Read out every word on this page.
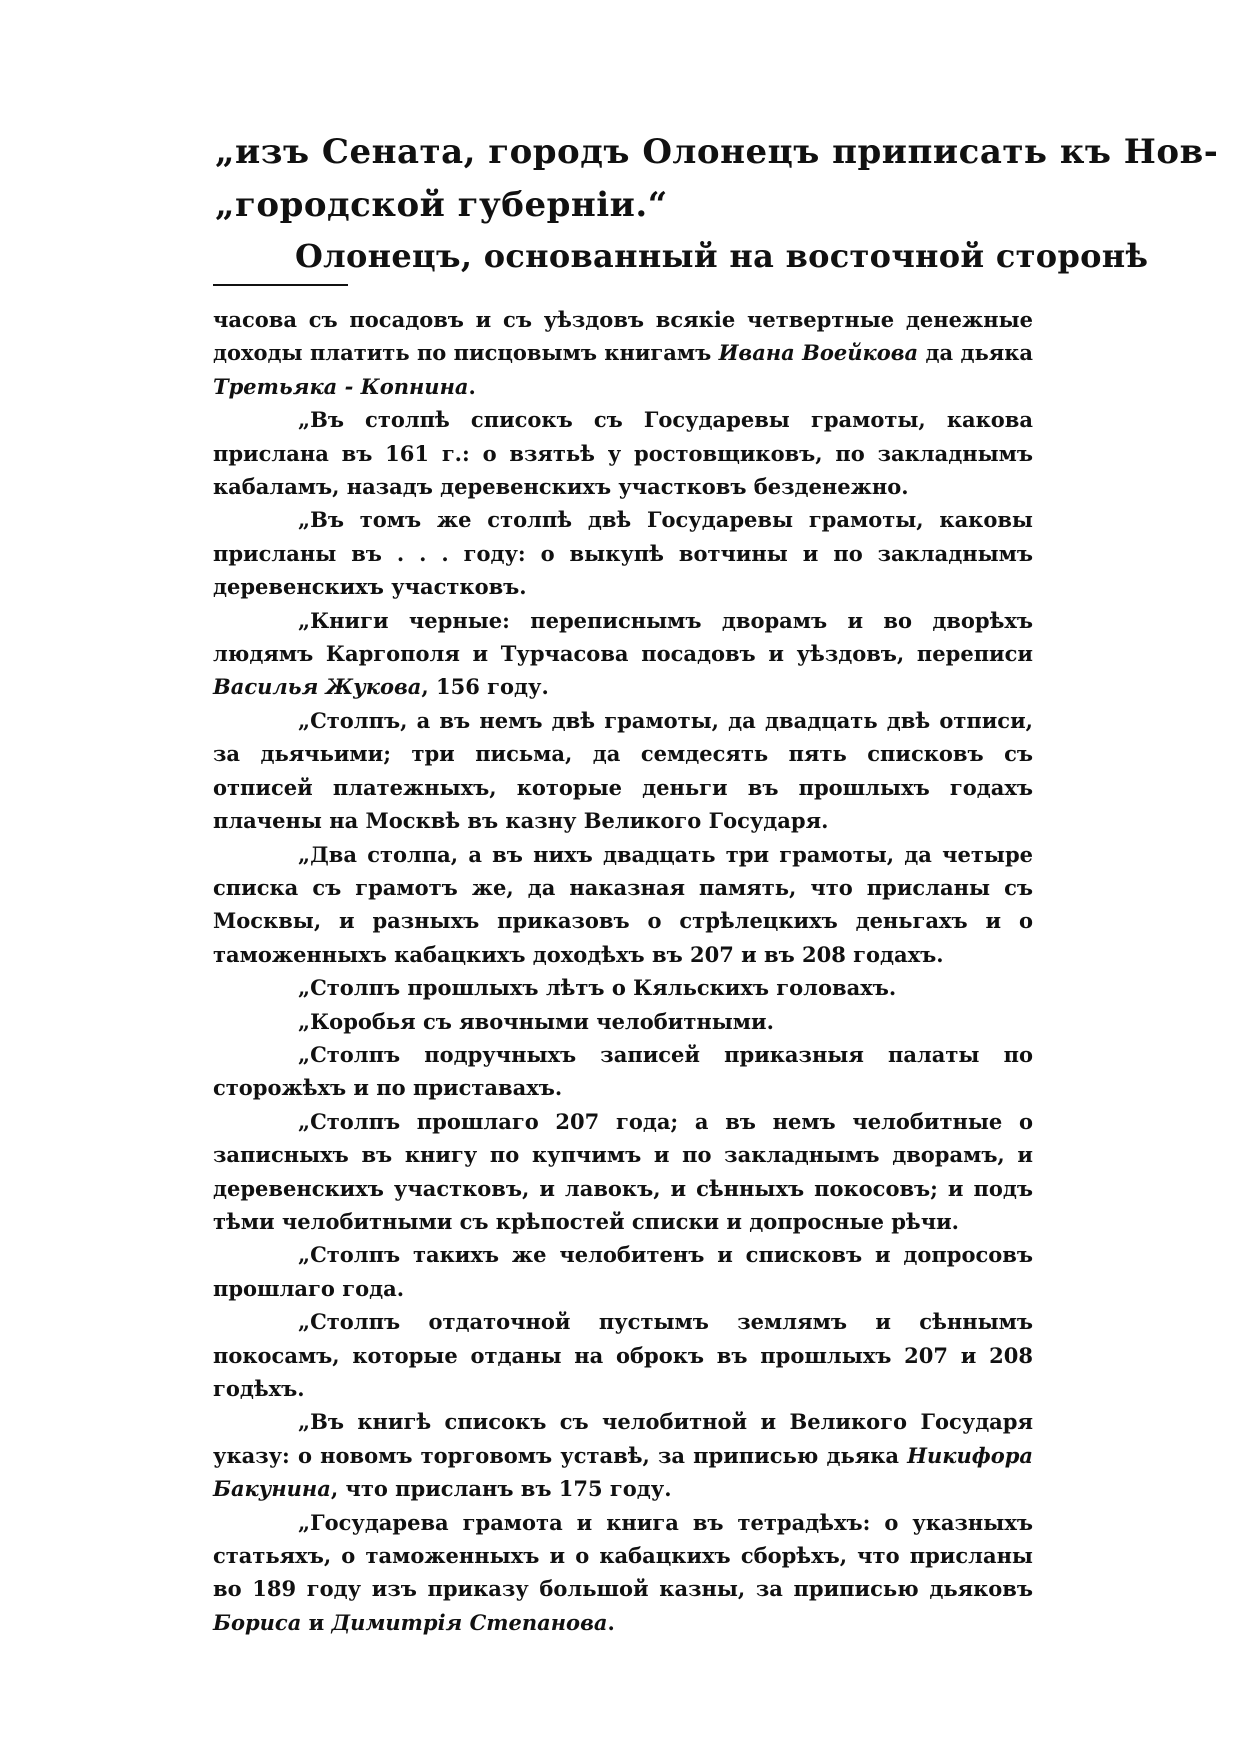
„изъ Сената, городъ Олонецъ приписать къ Нов-
„городской губерніи.“
Олонецъ, основанный на восточной сторонѣ

часова съ посадовъ и съ уѣздовъ всякіе четвертные денежные доходы платить по писцовымъ книгамъ Ивана Воейкова да дьяка Третьяка - Копнина.

„Въ столпѣ списокъ съ Государевы грамоты, какова прислана въ 161 г.: о взятьѣ у ростовщиковъ, по закладнымъ кабаламъ, назадъ деревенскихъ участковъ безденежно.

„Въ томъ же столпѣ двѣ Государевы грамоты, каковы присланы въ . . . году: о выкупѣ вотчины и по закладнымъ деревенскихъ участковъ.

„Книги черные: переписнымъ дворамъ и во дворѣхъ людямъ Каргополя и Турчасова посадовъ и уѣздовъ, переписи Василья Жукова, 156 году.

„Столпъ, а въ немъ двѣ грамоты, да двадцать двѣ отписи, за дьячьими; три письма, да семдесять пять списковъ съ отписей платежныхъ, которые деньги въ прошлыхъ годахъ плачены на Москвѣ въ казну Великого Государя.

„Два столпа, а въ нихъ двадцать три грамоты, да четыре списка съ грамотъ же, да наказная память, что присланы съ Москвы, и разныхъ приказовъ о стрѣлецкихъ деньгахъ и о таможенныхъ кабацкихъ доходѣхъ въ 207 и въ 208 годахъ.

„Столпъ прошлыхъ лѣтъ о Кяльскихъ головахъ.

„Коробья съ явочными челобитными.

„Столпъ подручныхъ записей приказныя палаты по сторожѣхъ и по приставахъ.

„Столпъ прошлаго 207 года; а въ немъ челобитные о записныхъ въ книгу по купчимъ и по закладнымъ дворамъ, и деревенскихъ участковъ, и лавокъ, и сѣнныхъ покосовъ; и подъ тѣми челобитными съ крѣпостей списки и допросные рѣчи.

„Столпъ такихъ же челобитенъ и списковъ и допросовъ прошлаго года.

„Столпъ отдаточной пустымъ землямъ и сѣннымъ покосамъ, которые отданы на оброкъ въ прошлыхъ 207 и 208 годѣхъ.

„Въ книгѣ списокъ съ челобитной и Великого Государя указу: о новомъ торговомъ уставѣ, за приписью дьяка Никифора Бакунина, что присланъ въ 175 году.

„Государева грамота и книга въ тетрадѣхъ: о указныхъ статьяхъ, о таможенныхъ и о кабацкихъ сборѣхъ, что присланы во 189 году изъ приказу большой казны, за приписью дьяковъ Бориса и Димитрія Степанова.
